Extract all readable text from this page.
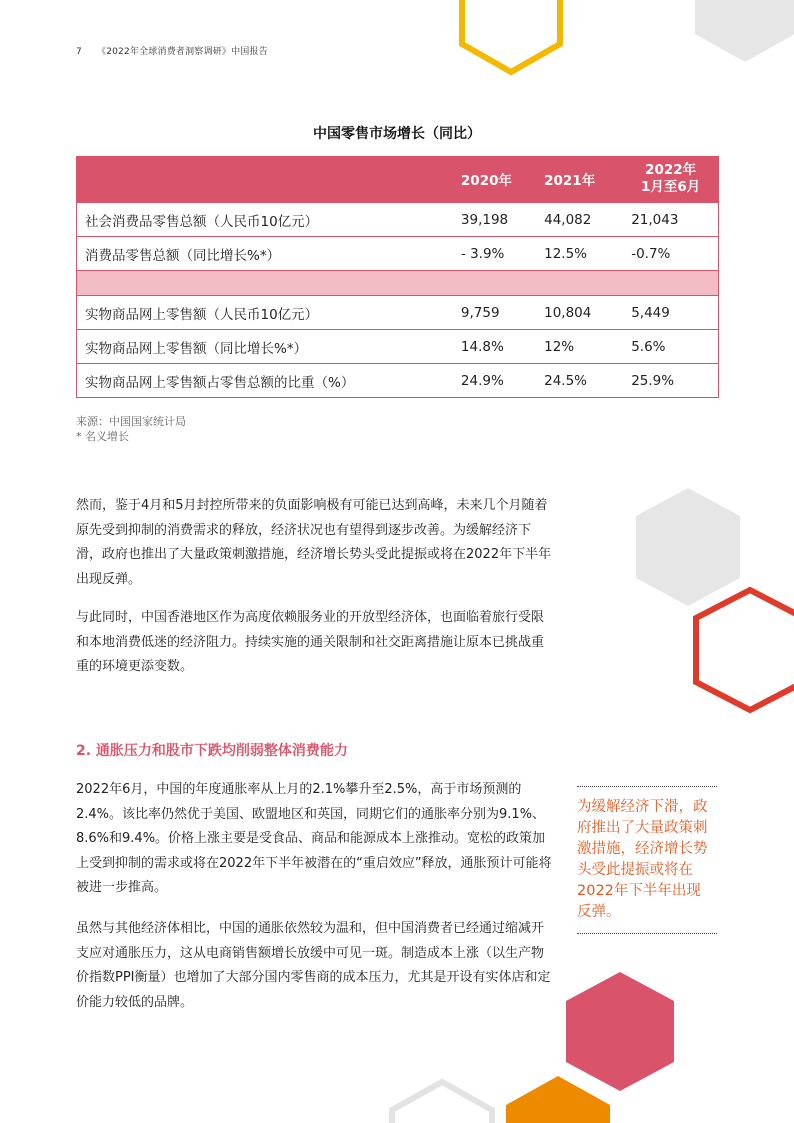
7 《2022年全球消费者洞察调研》中国报告
中国零售市场增长（同比）
	2020年	2021年	2022年
1月至6月
社会消费品零售总额（人民币10亿元）	39,198	44,082	21,043
消费品零售总额（同比增长%*）	- 3.9%	12.5%	-0.7%

实物商品网上零售额（人民币10亿元）	9,759	10,804	5,449
实物商品网上零售额（同比增长%*）	14.8%	12%	5.6%
实物商品网上零售额占零售总额的比重（%）	24.9%	24.5%	25.9%
来源：中国国家统计局
* 名义增长

然而，鉴于4月和5月封控所带来的负面影响极有可能已达到高峰，未来几个月随着原先受到抑制的消费需求的释放，经济状况也有望得到逐步改善。为缓解经济下滑，政府也推出了大量政策刺激措施，经济增长势头受此提振或将在2022年下半年出现反弹。

与此同时，中国香港地区作为高度依赖服务业的开放型经济体，也面临着旅行受限和本地消费低迷的经济阻力。持续实施的通关限制和社交距离措施让原本已挑战重重的环境更添变数。

2. 通胀压力和股市下跌均削弱整体消费能力

2022年6月，中国的年度通胀率从上月的2.1%攀升至2.5%，高于市场预测的2.4%。该比率仍然优于美国、欧盟地区和英国，同期它们的通胀率分别为9.1%、8.6%和9.4%。价格上涨主要是受食品、商品和能源成本上涨推动。宽松的政策加上受到抑制的需求或将在2022年下半年被潜在的“重启效应”释放，通胀预计可能将被进一步推高。

虽然与其他经济体相比，中国的通胀依然较为温和，但中国消费者已经通过缩减开支应对通胀压力，这从电商销售额增长放缓中可见一斑。制造成本上涨（以生产物价指数PPI衡量）也增加了大部分国内零售商的成本压力，尤其是开设有实体店和定价能力较低的品牌。

为缓解经济下滑，政
府推出了大量政策刺
激措施，经济增长势
头受此提振或将在
2022年下半年出现
反弹。
